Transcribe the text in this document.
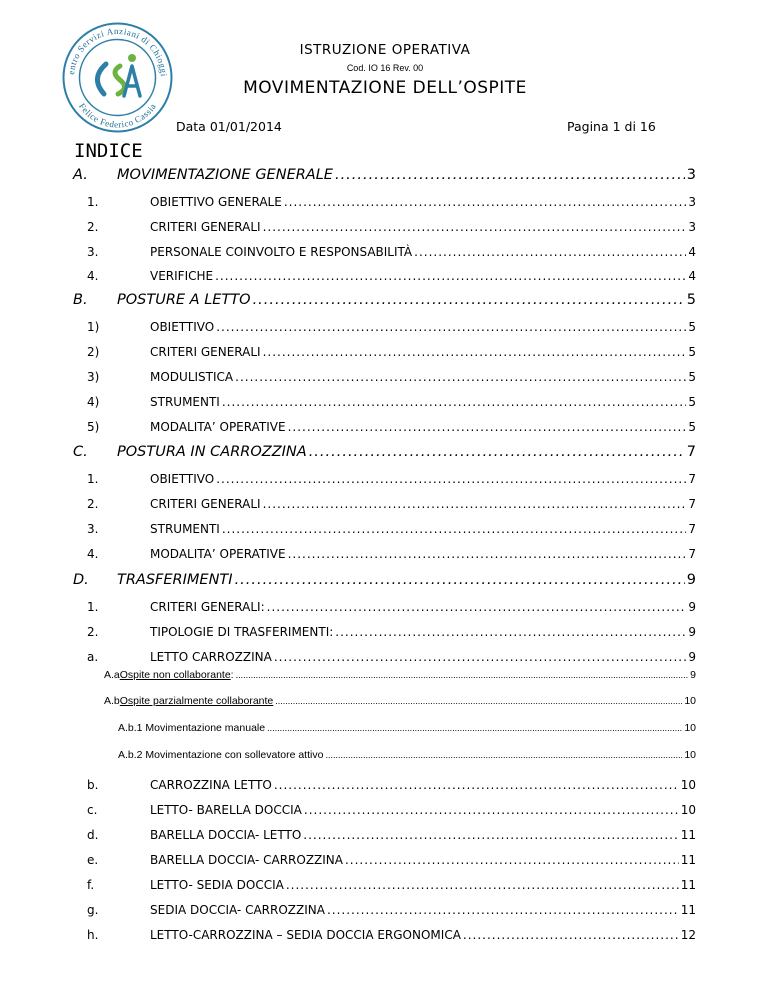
entro Servizi Anziani di Chioggi
Felice Federico Cassia
ISTRUZIONE OPERATIVA
Cod. IO 16 Rev. 00
MOVIMENTAZIONE DELL’OSPITE
Data 01/01/2014	Pagina 1 di 16
INDICE
A.	MOVIMENTAZIONE GENERALE .....	3
1.	OBIETTIVO GENERALE .....	3
2.	CRITERI GENERALI .....	3
3.	PERSONALE COINVOLTO E RESPONSABILITÀ .....	4
4.	VERIFICHE .....	4
B.	POSTURE A LETTO .....	5
1)	OBIETTIVO .....	5
2)	CRITERI GENERALI .....	5
3)	MODULISTICA .....	5
4)	STRUMENTI .....	5
5)	MODALITA’ OPERATIVE .....	5
C.	POSTURA IN CARROZZINA .....	7
1.	OBIETTIVO .....	7
2.	CRITERI GENERALI .....	7
3.	STRUMENTI .....	7
4.	MODALITA’ OPERATIVE .....	7
D.	TRASFERIMENTI .....	9
1.	CRITERI GENERALI: .....	9
2.	TIPOLOGIE DI TRASFERIMENTI: .....	9
a.	LETTO CARROZZINA .....	9
A.a Ospite non collaborante : .....	9
A.b Ospite parzialmente collaborante .....	10
A.b.1 Movimentazione manuale .....	10
A.b.2 Movimentazione con sollevatore attivo .....	10
b.	CARROZZINA LETTO .....	10
c.	LETTO- BARELLA DOCCIA .....	10
d.	BARELLA DOCCIA- LETTO .....	11
e.	BARELLA DOCCIA- CARROZZINA .....	11
f.	LETTO- SEDIA DOCCIA .....	11
g.	SEDIA DOCCIA- CARROZZINA .....	11
h.	LETTO-CARROZZINA – SEDIA DOCCIA ERGONOMICA .....	12
